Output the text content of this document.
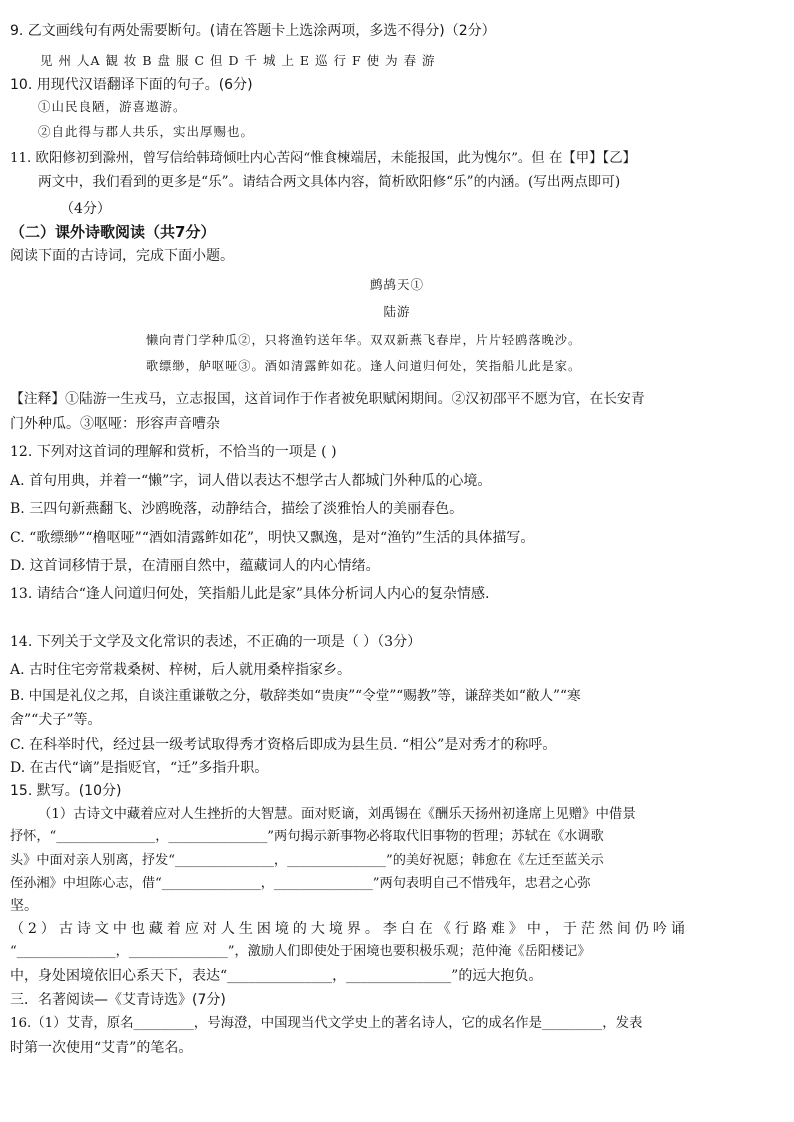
9. 乙文画线句有两处需要断句。(请在答题卡上选涂两项，多选不得分)（2分）
见 州 人A 観 妆 B 盘 服 C 但 D 千 城 上 E 巡 行 F 使 为 春 游
10. 用现代汉语翻译下面的句子。(6分)
①山民良陋，游喜遨游。
②自此得与郡人共乐，实出厚赐也。
11. 欧阳修初到滁州，曾写信给韩琦倾吐内心苦闷“惟食楝端居，未能报国，此为愧尔”。但 在【甲】【乙】
两文中，我们看到的更多是“乐”。请结合两文具体内容，简析欧阳修“乐”的内涵。(写出两点即可)
（4分）
（二）课外诗歌阅读（共7分）
阅读下面的古诗词，完成下面小题。
鹧鸪天①
陆游
懒向青门学种瓜②，只将渔钓送年华。双双新燕飞春岸，片片轻鸥落晚沙。
歌缥缈，舻呕哑③。酒如清露鲊如花。逢人问道归何处，笑指船儿此是家。
【注释】①陆游一生戎马，立志报国，这首词作于作者被免职赋闲期间。②汉初邵平不愿为官，在长安青
门外种瓜。③呕哑：形容声音嘈杂
12. 下列对这首词的理解和赏析，不恰当的一项是 ( )
A. 首句用典，并着一“懒”字，词人借以表达不想学古人都城门外种瓜的心境。
B. 三四句新燕翻飞、沙鸥晚落，动静结合，描绘了淡雅怡人的美丽春色。
C. “歌缥缈”“橹呕哑”“酒如清露鲊如花”，明快又飘逸，是对“渔钓”生活的具体描写。
D. 这首词移情于景，在清丽自然中，蕴藏词人的内心情绪。
13. 请结合“逢人问道归何处，笑指船儿此是家”具体分析词人内心的复杂情感.
14. 下列关于文学及文化常识的表述，不正确的一项是（ ）（3分）
A. 古时住宅旁常栽桑树、梓树，后人就用桑梓指家乡。
B. 中国是礼仪之邦，自谈注重谦敬之分，敬辞类如“贵庚”“令堂”“赐教”等，谦辞类如“敝人”“寒
舍”“犬子”等。
C. 在科举时代，经过县一级考试取得秀才资格后即成为县生员. “相公”是对秀才的称呼。
D. 在古代“谪”是指贬官，“迁”多指升职。
15. 默写。(10分)
（1）古诗文中藏着应对人生挫折的大智慧。面对贬谪，刘禹锡在《酬乐天扬州初逢席上见赠》中借景
抒怀，“_______________，_______________”两句揭示新事物必将取代旧事物的哲理；苏轼在《水调歌
头》中面对亲人别离，抒发“_______________，_______________”的美好祝愿；韩愈在《左迁至蓝关示
侄孙湘》中坦陈心志，借“_______________，_______________”两句表明自己不惜残年，忠君之心弥
坚。
（2）古诗文中也藏着应对人生困境的大境界。李白在《行路难》中，于茫然间仍吟诵
“_______________，_______________”，激励人们即使处于困境也要积极乐观；范仲淹《岳阳楼记》
中，身处困境依旧心系天下，表达“_______________，_______________”的远大抱负。
三．名著阅读—《艾青诗选》(7分)
16.（1）艾青，原名_________，号海澄，中国现当代文学史上的著名诗人，它的成名作是_________，发表
时第一次使用“艾青”的笔名。
